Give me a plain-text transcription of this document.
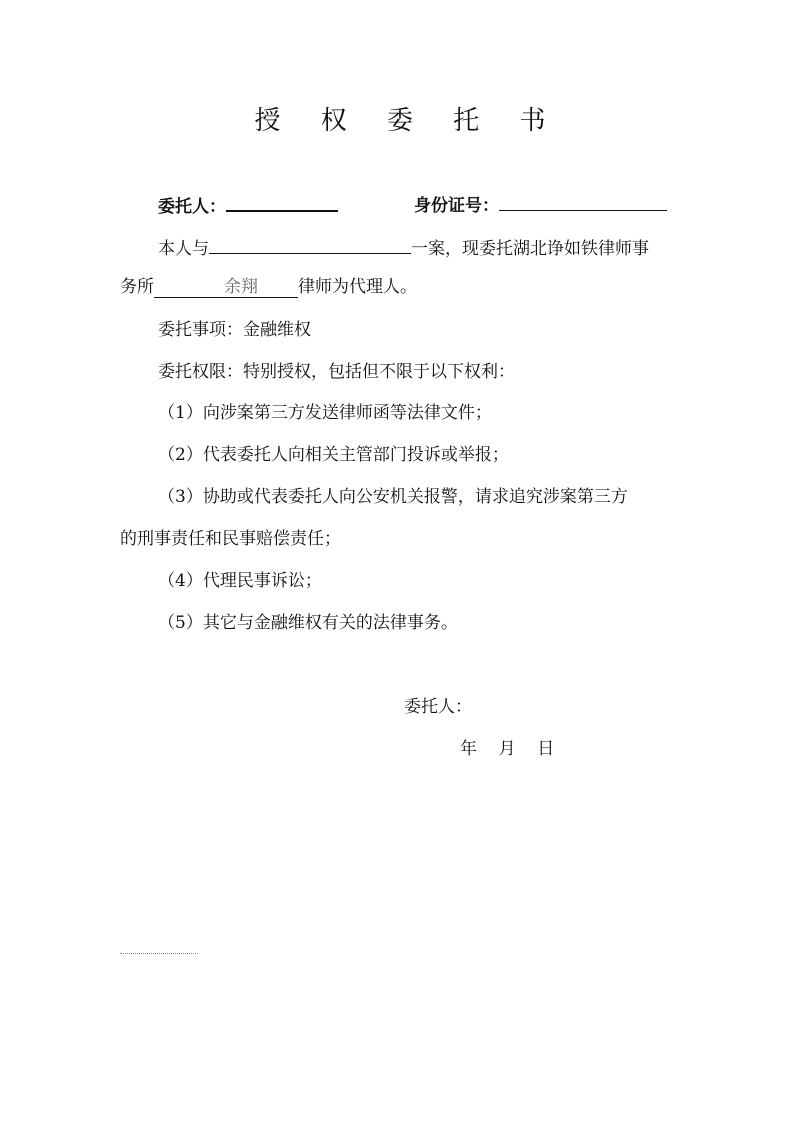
授 权 委 托 书
委托人：	身份证号：
本人与	一案，现委托湖北诤如铁律师事
务所	余翔 律师为代理人。
委托事项：金融维权
委托权限：特别授权，包括但不限于以下权利：
（1）向涉案第三方发送律师函等法律文件；
（2）代表委托人向相关主管部门投诉或举报；
（3）协助或代表委托人向公安机关报警，请求追究涉案第三方
的刑事责任和民事赔偿责任；
（4）代理民事诉讼；
（5）其它与金融维权有关的法律事务。
委托人：
年    月    日
